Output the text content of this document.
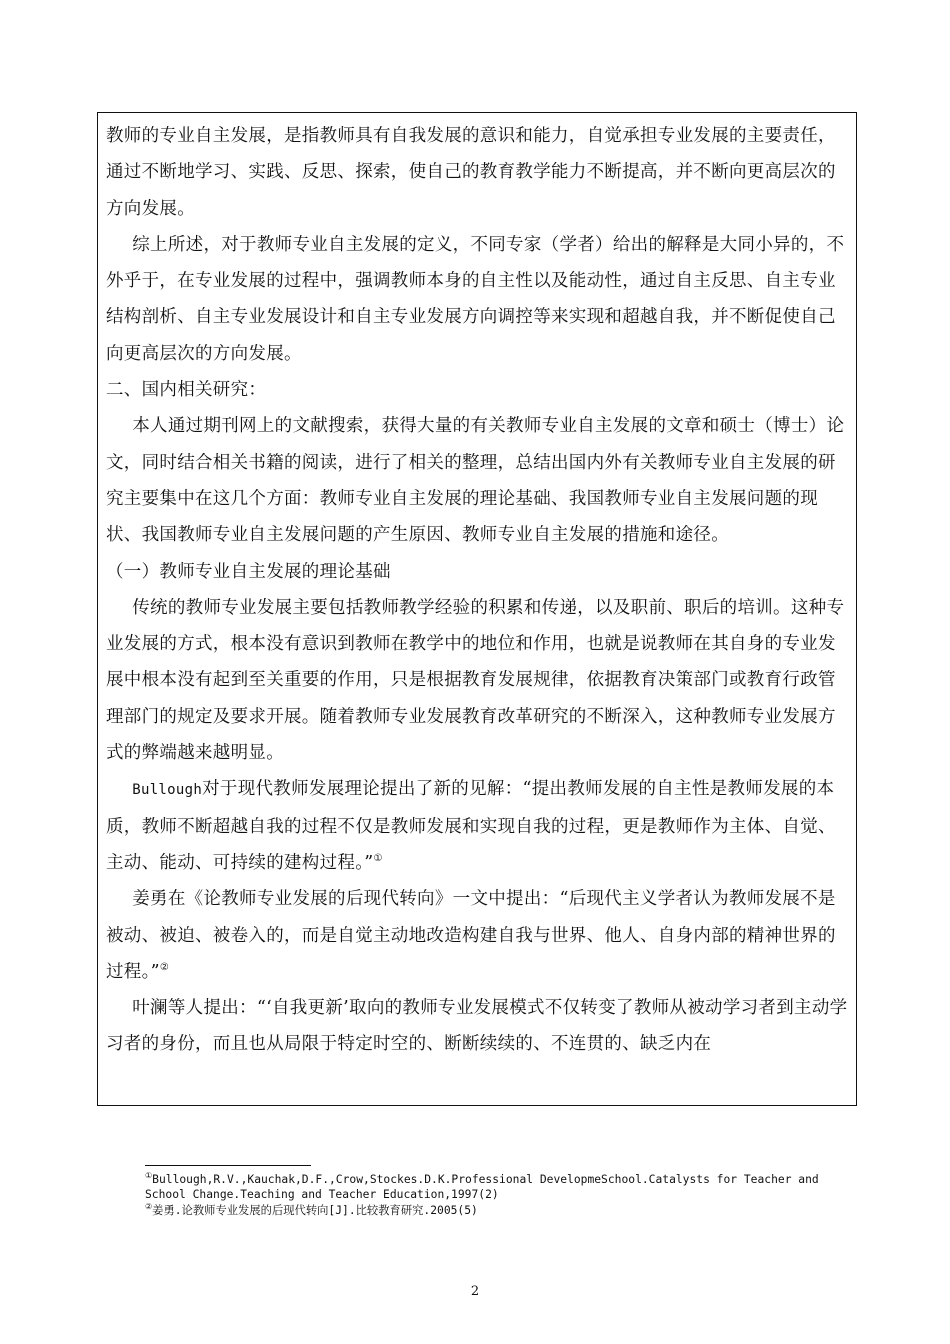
教师的专业自主发展，是指教师具有自我发展的意识和能力，自觉承担专业发展的主要责任，通过不断地学习、实践、反思、探索，使自己的教育教学能力不断提高，并不断向更高层次的方向发展。

综上所述，对于教师专业自主发展的定义，不同专家（学者）给出的解释是大同小异的，不外乎于，在专业发展的过程中，强调教师本身的自主性以及能动性，通过自主反思、自主专业结构剖析、自主专业发展设计和自主专业发展方向调控等来实现和超越自我，并不断促使自己向更高层次的方向发展。

二、国内相关研究：

本人通过期刊网上的文献搜索，获得大量的有关教师专业自主发展的文章和硕士（博士）论文，同时结合相关书籍的阅读，进行了相关的整理，总结出国内外有关教师专业自主发展的研究主要集中在这几个方面：教师专业自主发展的理论基础、我国教师专业自主发展问题的现状、我国教师专业自主发展问题的产生原因、教师专业自主发展的措施和途径。

（一）教师专业自主发展的理论基础

传统的教师专业发展主要包括教师教学经验的积累和传递，以及职前、职后的培训。这种专业发展的方式，根本没有意识到教师在教学中的地位和作用，也就是说教师在其自身的专业发展中根本没有起到至关重要的作用，只是根据教育发展规律，依据教育决策部门或教育行政管理部门的规定及要求开展。随着教师专业发展教育改革研究的不断深入，这种教师专业发展方式的弊端越来越明显。

Bullough对于现代教师发展理论提出了新的见解：“提出教师发展的自主性是教师发展的本质，教师不断超越自我的过程不仅是教师发展和实现自我的过程，更是教师作为主体、自觉、主动、能动、可持续的建构过程。”①

姜勇在《论教师专业发展的后现代转向》一文中提出：“后现代主义学者认为教师发展不是被动、被迫、被卷入的，而是自觉主动地改造构建自我与世界、他人、自身内部的精神世界的过程。”②

叶澜等人提出：“‘自我更新’取向的教师专业发展模式不仅转变了教师从被动学习者到主动学习者的身份，而且也从局限于特定时空的、断断续续的、不连贯的、缺乏内在

①Bullough,R.V.,Kauchak,D.F.,Crow,Stockes.D.K.Professional DevelopmeSchool.Catalysts for Teacher and School Change.Teaching and Teacher Education,1997(2)

②姜勇.论教师专业发展的后现代转向[J].比较教育研究.2005(5)

2
